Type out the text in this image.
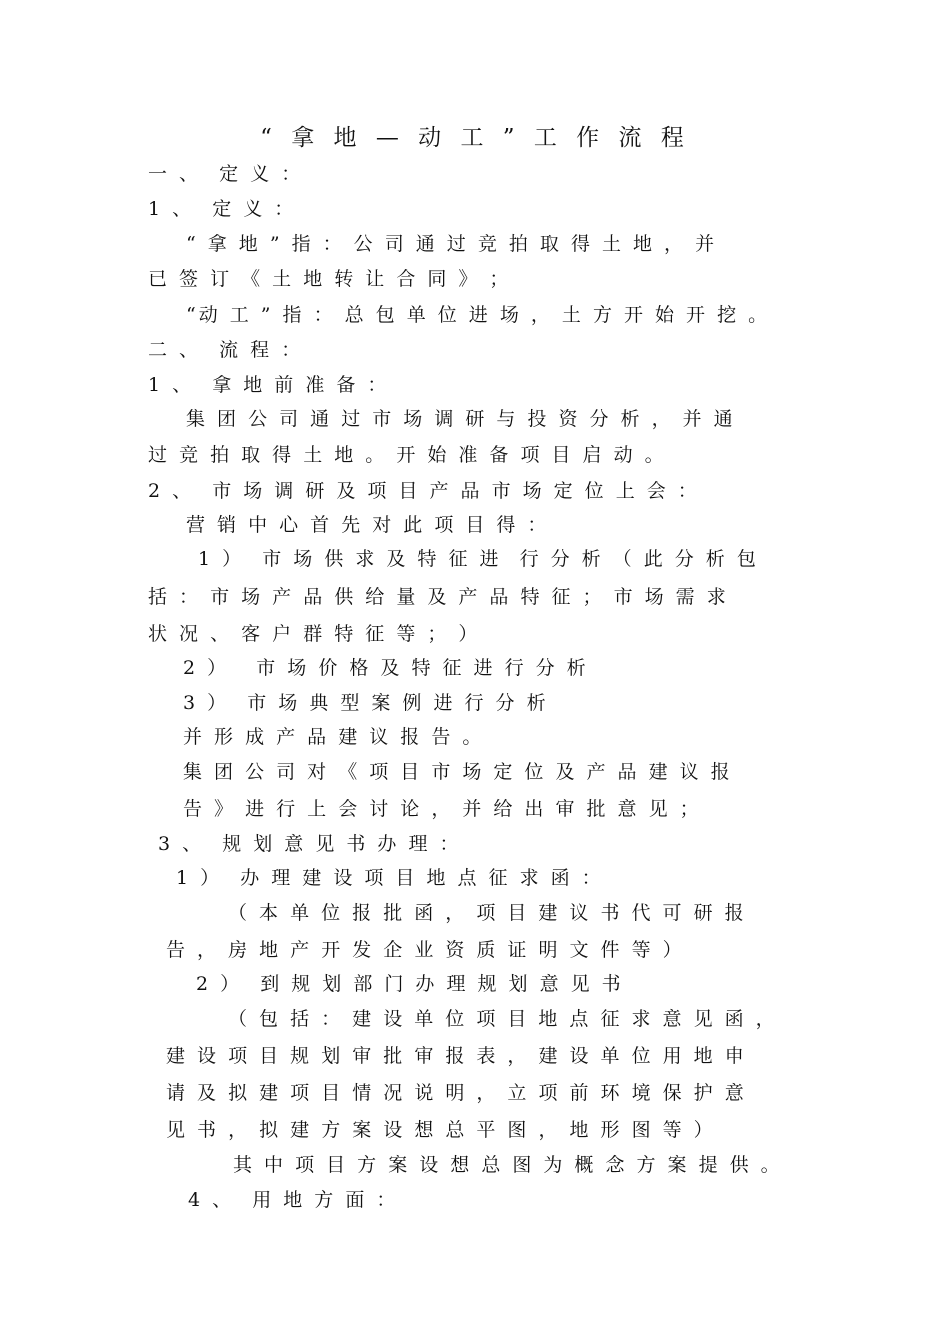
“ 拿 地 — 动 工 ” 工 作 流 程

一 、  定 义 ：

1 、  定 义 ：

“ 拿 地 ” 指 ： 公 司 通 过 竞 拍 取 得 土 地 ， 并

已 签 订 《 土 地 转 让 合 同 》 ；

“动 工 ” 指 ： 总 包 单 位 进 场 ， 土 方 开 始 开 挖 。

二 、  流 程 ：

1 、  拿 地 前 准 备 ：

集 团 公 司 通 过 市 场 调 研 与 投 资 分 析 ， 并 通

过 竞 拍 取 得 土 地 。 开 始 准 备 项 目 启 动 。

2 、  市 场 调 研 及 项 目 产 品 市 场 定 位 上 会 ：

营 销 中 心 首 先 对 此 项 目 得 ：

1 ）  市 场 供 求 及 特 征 进  行 分 析 （ 此 分 析 包

括 ： 市 场 产 品 供 给 量 及 产 品 特 征 ； 市 场 需 求

状 况 、 客 户 群 特 征 等 ； ）

2 ）   市 场 价 格 及 特 征 进 行 分 析

3 ）  市 场 典 型 案 例 进 行 分 析

并 形 成 产 品 建 议 报 告 。

集 团 公 司 对 《 项 目 市 场 定 位 及 产 品 建 议 报

告 》 进 行 上 会 讨 论 ， 并 给 出 审 批 意 见 ；

3 、  规 划 意 见 书 办 理 ：

1 ）  办 理 建 设 项 目 地 点 征 求 函 ：

（ 本 单 位 报 批 函 ， 项 目 建 议 书 代 可 研 报

告 ， 房 地 产 开 发 企 业 资 质 证 明 文 件 等 ）

2 ）  到 规 划 部 门 办 理 规 划 意 见 书

（ 包 括 ： 建 设 单 位 项 目 地 点 征 求 意 见 函 ，

建 设 项 目 规 划 审 批 审 报 表 ， 建 设 单 位 用 地 申

请 及 拟 建 项 目 情 况 说 明 ， 立 项 前 环 境 保 护 意

见 书 ， 拟 建 方 案 设 想 总 平 图 ， 地 形 图 等 ）

其 中 项 目 方 案 设 想 总 图 为 概 念 方 案 提 供 。

4 、  用 地 方 面 ：
